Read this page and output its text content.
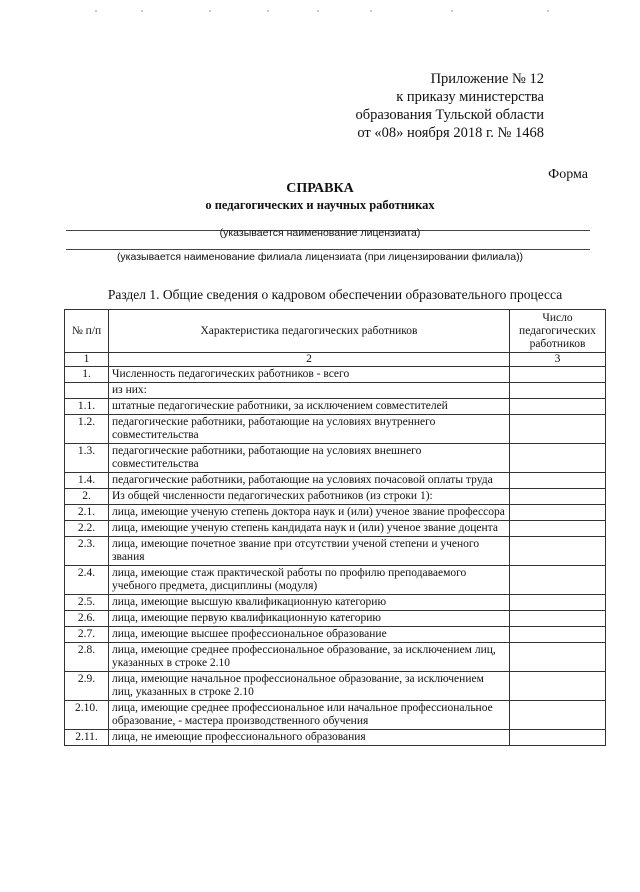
Приложение № 12
к приказу министерства
образования Тульской области
от «08» ноября 2018 г. № 1468
Форма
СПРАВКА
о педагогических и научных работниках
(указывается наименование лицензиата)
(указывается наименование филиала лицензиата (при лицензировании филиала))
Раздел 1. Общие сведения о кадровом обеспечении образовательного процесса
№ п/п	Характеристика педагогических работников	Число педагогических работников
1	2	3
1.	Численность педагогических работников - всего	
	из них:	
1.1.	штатные педагогические работники, за исключением совместителей	
1.2.	педагогические работники, работающие на условиях внутреннего совместительства	
1.3.	педагогические работники, работающие на условиях внешнего совместительства	
1.4.	педагогические работники, работающие на условиях почасовой оплаты труда	
2.	Из общей численности педагогических работников (из строки 1):	
2.1.	лица, имеющие ученую степень доктора наук и (или) ученое звание профессора	
2.2.	лица, имеющие ученую степень кандидата наук и (или) ученое звание доцента	
2.3.	лица, имеющие почетное звание при отсутствии ученой степени и ученого звания	
2.4.	лица, имеющие стаж практической работы по профилю преподаваемого учебного предмета, дисциплины (модуля)	
2.5.	лица, имеющие высшую квалификационную категорию	
2.6.	лица, имеющие первую квалификационную категорию	
2.7.	лица, имеющие высшее профессиональное образование	
2.8.	лица, имеющие среднее профессиональное образование, за исключением лиц, указанных в строке 2.10	
2.9.	лица, имеющие начальное профессиональное образование, за исключением лиц, указанных в строке 2.10	
2.10.	лица, имеющие среднее профессиональное или начальное профессиональное образование, - мастера производственного обучения	
2.11.	лица, не имеющие профессионального образования	
